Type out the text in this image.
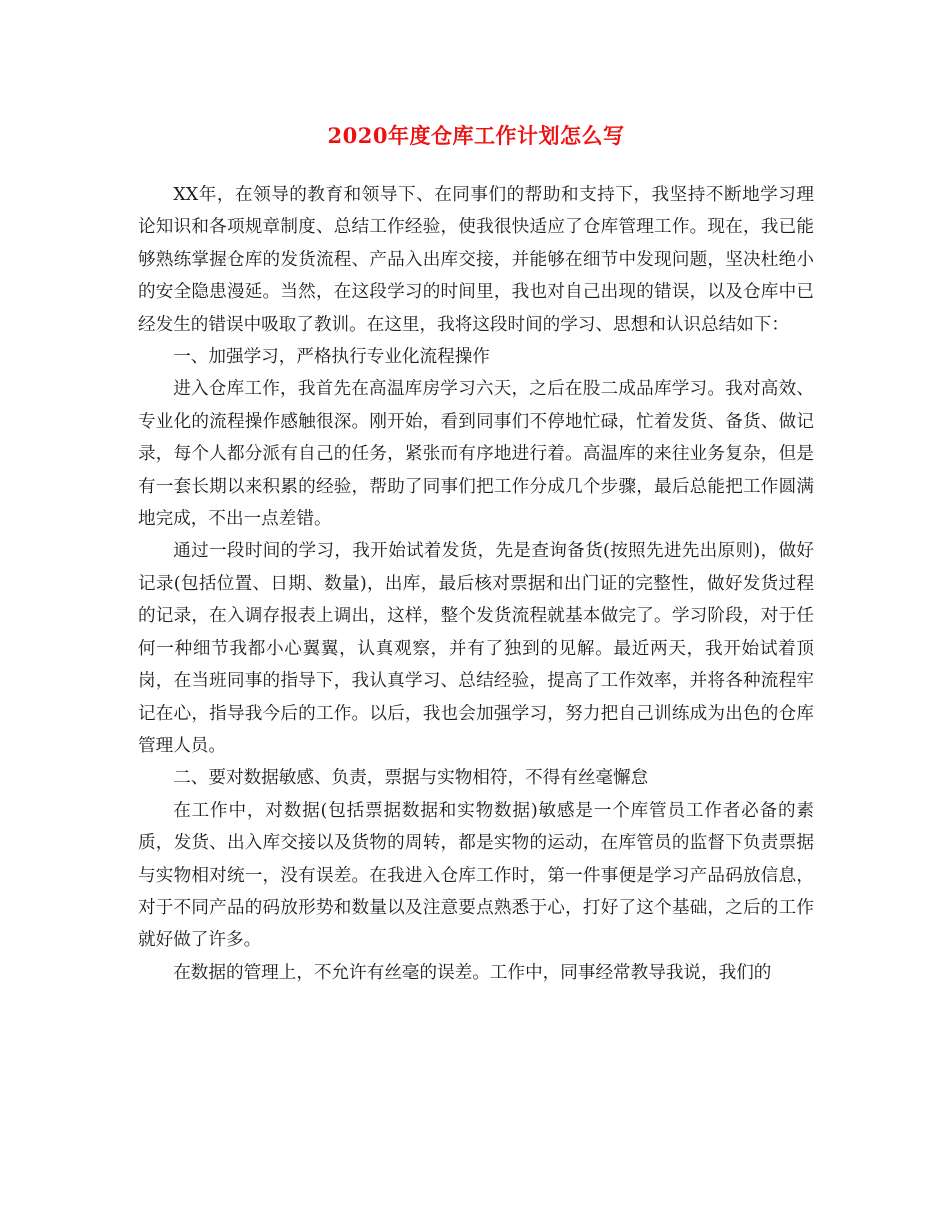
2020年度仓库工作计划怎么写

XX年，在领导的教育和领导下、在同事们的帮助和支持下，我坚持不断地学习理论知识和各项规章制度、总结工作经验，使我很快适应了仓库管理工作。现在，我已能够熟练掌握仓库的发货流程、产品入出库交接，并能够在细节中发现问题，坚决杜绝小的安全隐患漫延。当然，在这段学习的时间里，我也对自己出现的错误，以及仓库中已经发生的错误中吸取了教训。在这里，我将这段时间的学习、思想和认识总结如下：

一、加强学习，严格执行专业化流程操作

进入仓库工作，我首先在高温库房学习六天，之后在股二成品库学习。我对高效、专业化的流程操作感触很深。刚开始，看到同事们不停地忙碌，忙着发货、备货、做记录，每个人都分派有自己的任务，紧张而有序地进行着。高温库的来往业务复杂，但是有一套长期以来积累的经验，帮助了同事们把工作分成几个步骤，最后总能把工作圆满地完成，不出一点差错。

通过一段时间的学习，我开始试着发货，先是查询备货(按照先进先出原则)，做好记录(包括位置、日期、数量)，出库，最后核对票据和出门证的完整性，做好发货过程的记录，在入调存报表上调出，这样，整个发货流程就基本做完了。学习阶段，对于任何一种细节我都小心翼翼，认真观察，并有了独到的见解。最近两天，我开始试着顶岗，在当班同事的指导下，我认真学习、总结经验，提高了工作效率，并将各种流程牢记在心，指导我今后的工作。以后，我也会加强学习，努力把自己训练成为出色的仓库管理人员。

二、要对数据敏感、负责，票据与实物相符，不得有丝毫懈怠

在工作中，对数据(包括票据数据和实物数据)敏感是一个库管员工作者必备的素质，发货、出入库交接以及货物的周转，都是实物的运动，在库管员的监督下负责票据与实物相对统一，没有误差。在我进入仓库工作时，第一件事便是学习产品码放信息，对于不同产品的码放形势和数量以及注意要点熟悉于心，打好了这个基础，之后的工作就好做了许多。

在数据的管理上，不允许有丝毫的误差。工作中，同事经常教导我说，我们的
